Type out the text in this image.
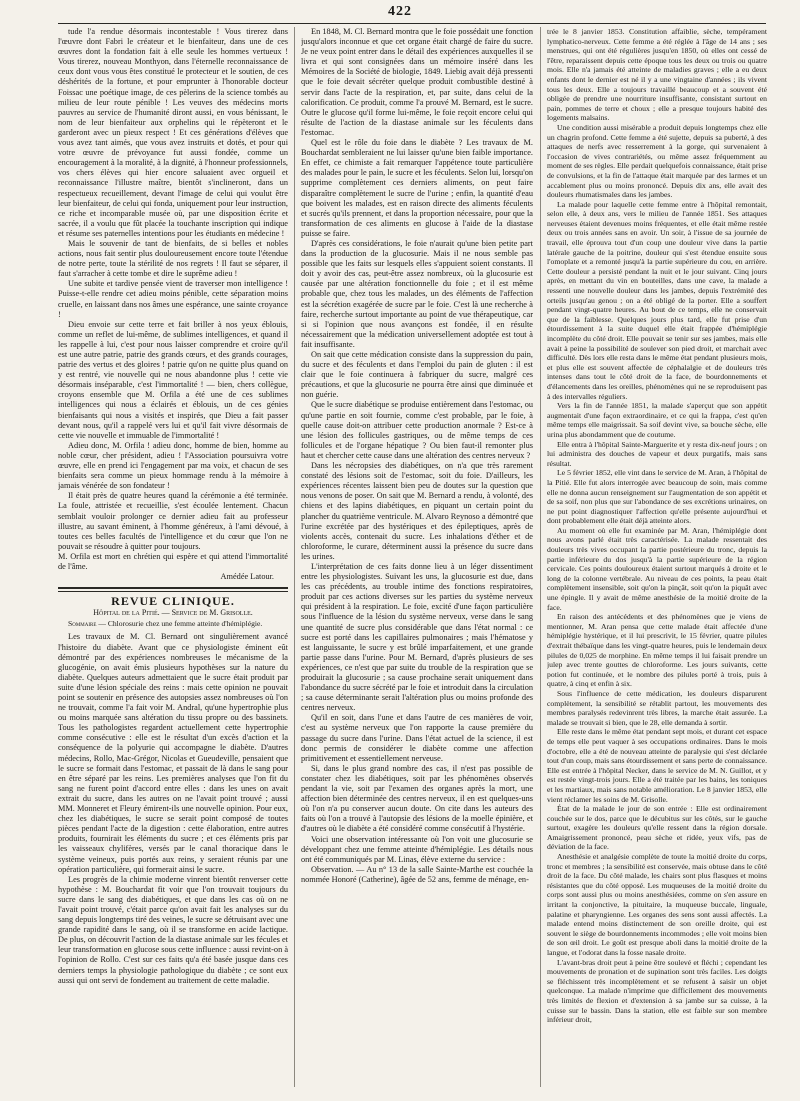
422

tude l'a rendue désormais incontestable ! Vous tirerez dans l'œuvre dont Fabri le créateur et le bienfaiteur, dans une de ces œuvres dont la fondation fait à elle seule les hommes vertueux ! Vous tirerez, nouveau Monthyon, dans l'éternelle reconnaissance de ceux dont vous vous êtes constitué le protecteur et le soutien, de ces déshérités de la fortune, et pour emprunter à l'honorable docteur Foissac une poétique image, de ces pèlerins de la science tombés au milieu de leur route pénible ! Les veuves des médecins morts pauvres au service de l'humanité diront aussi, en vous bénissant, le nom de leur bienfaiteur aux orphelins qui le répèteront et le garderont avec un pieux respect ! Et ces générations d'élèves que vous avez tant aimés, que vous avez instruits et dotés, et pour qui votre œuvre de prévoyance fut aussi fondée, comme un encouragement à la moralité, à la dignité, à l'honneur professionnels, vos chers élèves qui hier encore saluaient avec orgueil et reconnaissance l'illustre maître, bientôt s'inclineront, dans un respectueux recueillement, devant l'image de celui qui voulut être leur bienfaiteur, de celui qui fonda, uniquement pour leur instruction, ce riche et incomparable musée où, par une disposition écrite et sacrée, il a voulu que fût placée la touchante inscription qui indique et résume ses paternelles intentions pour les étudiants en médecine !

Mais le souvenir de tant de bienfaits, de si belles et nobles actions, nous fait sentir plus douloureusement encore toute l'étendue de notre perte, toute la stérilité de nos regrets ! Il faut se séparer, il faut s'arracher à cette tombe et dire le suprême adieu !

Une subite et tardive pensée vient de traverser mon intelligence ! Puisse-t-elle rendre cet adieu moins pénible, cette séparation moins cruelle, en laissant dans nos âmes une espérance, une sainte croyance !

Dieu envoie sur cette terre et fait briller à nos yeux éblouis, comme un reflet de lui-même, de sublimes intelligences, et quand il les rappelle à lui, c'est pour nous laisser comprendre et croire qu'il est une autre patrie, patrie des grands cœurs, et des grands courages, patrie des vertus et des gloires ! patrie qu'on ne quitte plus quand on y est rentré, vie nouvelle qui ne nous abandonne plus ! cette vie désormais inséparable, c'est l'immortalité ! — bien, chers collègue, croyons ensemble que M. Orfila a été une de ces sublimes intelligences qui nous a éclairés et éblouis, un de ces génies bienfaisants qui nous a visités et inspirés, que Dieu a fait passer devant nous, qu'il a rappelé vers lui et qu'il fait vivre désormais de cette vie nouvelle et immuable de l'immortalité !

Adieu donc, M. Orfila ! adieu donc, homme de bien, homme au noble cœur, cher président, adieu ! l'Association poursuivra votre œuvre, elle en prend ici l'engagement par ma voix, et chacun de ses bienfaits sera comme un pieux hommage rendu à la mémoire à jamais vénérée de son fondateur !

Il était près de quatre heures quand la cérémonie a été terminée. La foule, attristée et recueillie, s'est écoulée lentement. Chacun semblait vouloir prolonger ce dernier adieu fait au professeur illustre, au savant éminent, à l'homme généreux, à l'ami dévoué, à toutes ces belles facultés de l'intelligence et du cœur que l'on ne pouvait se résoudre à quitter pour toujours.

M. Orfila est mort en chrétien qui espère et qui attend l'immortalité de l'âme.

Amédée Latour.

REVUE CLINIQUE.
Hôpital de la Pitié. — Service de M. Grisolle.

Sommaire — Chlorosurie chez une femme atteinte d'hémiplégie.

Les travaux de M. Cl. Bernard ont singulièrement avancé l'histoire du diabète. Avant que ce physiologiste éminent eût démontré par des expériences nombreuses le mécanisme de la glucogénie, on avait émis plusieurs hypothèses sur la nature du diabète. Quelques auteurs admettaient que le sucre était produit par suite d'une lésion spéciale des reins : mais cette opinion ne pouvait point se soutenir en présence des autopsies assez nombreuses où l'on ne trouvait, comme l'a fait voir M. Andral, qu'une hypertrophie plus ou moins marquée sans altération du tissu propre ou des bassinets. Tous les pathologistes regardent actuellement cette hypertrophie comme consécutive : elle est le résultat d'un excès d'action et la conséquence de la polyurie qui accompagne le diabète. D'autres médecins, Rollo, Mac-Grégor, Nicolas et Gueudeville, pensaient que le sucre se formait dans l'estomac, et passait de là dans le sang pour en être séparé par les reins. Les premières analyses que l'on fit du sang ne furent point d'accord entre elles : dans les unes on avait extrait du sucre, dans les autres on ne l'avait point trouvé ; aussi MM. Monneret et Fleury émirent-ils une nouvelle opinion. Pour eux, chez les diabétiques, le sucre se serait point composé de toutes pièces pendant l'acte de la digestion : cette élaboration, entre autres produits, fournirait les éléments du sucre ; et ces éléments pris par les vaisseaux chylifères, versés par le canal thoracique dans le système veineux, puis portés aux reins, y seraient réunis par une opération particulière, qui formerait ainsi le sucre.

Les progrès de la chimie moderne vinrent bientôt renverser cette hypothèse : M. Bouchardat fit voir que l'on trouvait toujours du sucre dans le sang des diabétiques, et que dans les cas où on ne l'avait point trouvé, c'était parce qu'on avait fait les analyses sur du sang depuis longtemps tiré des veines, le sucre se détruisant avec une grande rapidité dans le sang, où il se transforme en acide lactique. De plus, on découvrit l'action de la diastase animale sur les fécules et leur transformation en glucose sous cette influence : aussi revint-on à l'opinion de Rollo. C'est sur ces faits qu'a été basée jusque dans ces derniers temps la physiologie pathologique du diabète ; ce sont eux aussi qui ont servi de fondement au traitement de cette maladie.

En 1848, M. Cl. Bernard montra que le foie possédait une fonction jusqu'alors inconnue et que cet organe était chargé de faire du sucre. Je ne veux point entrer dans le détail des expériences auxquelles il se livra et qui sont consignées dans un mémoire inséré dans les Mémoires de la Société de biologie, 1849. Liebig avait déjà pressenti que le foie devait sécréter quelque produit combustible destiné à servir dans l'acte de la respiration, et, par suite, dans celui de la calorification. Ce produit, comme l'a prouvé M. Bernard, est le sucre. Outre le glucose qu'il forme lui-même, le foie reçoit encore celui qui résulte de l'action de la diastase animale sur les féculents dans l'estomac.

Quel est le rôle du foie dans le diabète ? Les travaux de M. Bouchardat sembleraient ne lui laisser qu'une bien faible importance. En effet, ce chimiste a fait remarquer l'appétence toute particulière des malades pour le pain, le sucre et les féculents. Selon lui, lorsqu'on supprime complètement ces derniers aliments, on peut faire disparaître complètement le sucre de l'urine ; enfin, la quantité d'eau que boivent les malades, est en raison directe des aliments féculents et sucrés qu'ils prennent, et dans la proportion nécessaire, pour que la transformation de ces aliments en glucose à l'aide de la diastase puisse se faire.

D'après ces considérations, le foie n'aurait qu'une bien petite part dans la production de la glucosurie. Mais il ne nous semble pas possible que les faits sur lesquels elles s'appuient soient constants. Il doit y avoir des cas, peut-être assez nombreux, où la glucosurie est causée par une altération fonctionnelle du foie ; et il est même probable que, chez tous les malades, un des éléments de l'affection est la sécrétion exagérée de sucre par le foie. C'est là une recherche à faire, recherche surtout importante au point de vue thérapeutique, car si si l'opinion que nous avançons est fondée, il en résulte nécessairement que la médication universellement adoptée est tout à fait insuffisante.

On sait que cette médication consiste dans la suppression du pain, du sucre et des féculents et dans l'emploi du pain de gluten : il est clair que le foie continuera à fabriquer du sucre, malgré ces précautions, et que la glucosurie ne pourra être ainsi que diminuée et non guérie.

Que le sucre diabétique se produise entièrement dans l'estomac, ou qu'une partie en soit fournie, comme c'est probable, par le foie, à quelle cause doit-on attribuer cette production anormale ? Est-ce à une lésion des follicules gastriques, ou de même temps de ces follicules et de l'organe hépatique ? Ou bien faut-il remonter plus haut et chercher cette cause dans une altération des centres nerveux ?

Dans les nécropsies des diabétiques, on n'a que très rarement constaté des lésions soit de l'estomac, soit du foie. D'ailleurs, les expériences récentes laissent bien peu de doutes sur la question que nous venons de poser. On sait que M. Bernard a rendu, à volonté, des chiens et des lapins diabétiques, en piquant un certain point du plancher du quatrième ventricule. M. Alvaro Reynoso a démontré que l'urine excrétée par des hystériques et des épileptiques, après de violents accès, contenait du sucre. Les inhalations d'éther et de chloroforme, le curare, déterminent aussi la présence du sucre dans les urines.

L'interprétation de ces faits donne lieu à un léger dissentiment entre les physiologistes. Suivant les uns, la glucosurie est due, dans les cas précédents, au trouble intime des fonctions respiratoires, produit par ces actions diverses sur les parties du système nerveux qui président à la respiration. Le foie, excité d'une façon particulière sous l'influence de la lésion du système nerveux, verse dans le sang une quantité de sucre plus considérable que dans l'état normal : ce sucre est porté dans les capillaires pulmonaires ; mais l'hématose y est languissante, le sucre y est brûlé imparfaitement, et une grande partie passe dans l'urine. Pour M. Bernard, d'après plusieurs de ses expériences, ce n'est que par suite du trouble de la respiration que se produirait la glucosurie ; sa cause prochaine serait uniquement dans l'abondance du sucre sécrété par le foie et introduit dans la circulation ; sa cause déterminante serait l'altération plus ou moins profonde des centres nerveux.

Qu'il en soit, dans l'une et dans l'autre de ces manières de voir, c'est au système nerveux que l'on rapporte la cause première du passage du sucre dans l'urine. Dans l'état actuel de la science, il est donc permis de considérer le diabète comme une affection primitivement et essentiellement nerveuse.

Si, dans le plus grand nombre des cas, il n'est pas possible de constater chez les diabétiques, soit par les phénomènes observés pendant la vie, soit par l'examen des organes après la mort, une affection bien déterminée des centres nerveux, il en est quelques-uns où l'on n'a pu conserver aucun doute. On cite dans les auteurs des faits où l'on a trouvé à l'autopsie des lésions de la moelle épinière, et d'autres où le diabète a été considéré comme consécutif à l'hystérie.

Voici une observation intéressante où l'on voit une glucosurie se développant chez une femme atteinte d'hémiplégie. Les détails nous ont été communiqués par M. Linas, élève externe du service :

Observation. — Au n° 13 de la salle Sainte-Marthe est couchée la nommée Honoré (Catherine), âgée de 52 ans, femme de ménage, en-

trée le 8 janvier 1853. Constitution affaiblie, sèche, tempérament lymphatico-nerveux. Cette femme a été réglée à l'âge de 14 ans ; ses menstrues, qui ont été régulières jusqu'en 1850, où elles ont cessé de l'être, reparaissent depuis cette époque tous les deux ou trois ou quatre mois. Elle n'a jamais été atteinte de maladies graves ; elle a eu deux enfants dont le dernier est né il y a une vingtaine d'années ; ils vivent tous les deux. Elle a toujours travaillé beaucoup et a souvent été obligée de prendre une nourriture insuffisante, consistant surtout en pain, pommes de terre et choux ; elle a presque toujours habité des logements malsains.

Une condition aussi misérable a produit depuis longtemps chez elle un chagrin profond. Cette femme a été sujette, depuis sa puberté, à des attaques de nerfs avec resserrement à la gorge, qui survenaient à l'occasion de vives contrariétés, ou même assez fréquemment au moment de ses règles. Elle perdait quelquefois connaissance, était prise de convulsions, et la fin de l'attaque était marquée par des larmes et un accablement plus ou moins prononcé. Depuis dix ans, elle avait des douleurs rhumatismales dans les jambes.

La malade pour laquelle cette femme entre à l'hôpital remontait, selon elle, à deux ans, vers le milieu de l'année 1851. Ses attaques nerveuses étaient devenues moins fréquentes, et elle était même restée deux ou trois années sans en avoir. Un soir, à l'issue de sa journée de travail, elle éprouva tout d'un coup une douleur vive dans la partie latérale gauche de la poitrine, douleur qui s'est étendue ensuite sous l'omoplate et a remonté jusqu'à la partie supérieure du cou, en arrière. Cette douleur a persisté pendant la nuit et le jour suivant. Cinq jours après, en mettant du vin en bouteilles, dans une cave, la malade a ressenti une nouvelle douleur dans les jambes, depuis l'extrémité des orteils jusqu'au genou ; on a été obligé de la porter. Elle a souffert pendant vingt-quatre heures. Au bout de ce temps, elle ne conservait que de la faiblesse. Quelques jours plus tard, elle fut prise d'un étourdissement à la suite duquel elle était frappée d'hémiplégie incomplète du côté droit. Elle pouvait se tenir sur ses jambes, mais elle avait à peine la possibilité de soulever son pied droit, et marchait avec difficulté. Dès lors elle resta dans le même état pendant plusieurs mois, et plus elle est souvent affectée de céphalalgie et de douleurs très intenses dans tout le côté droit de la face, de bourdonnements et d'élancements dans les oreilles, phénomènes qui ne se reproduisent pas à des intervalles réguliers.

Vers la fin de l'année 1851, la malade s'aperçut que son appétit augmentait d'une façon extraordinaire, et ce qui la frappa, c'est qu'en même temps elle maigrissait. Sa soif devint vive, sa bouche sèche, elle urina plus abondamment que de coutume.

Elle entra à l'hôpital Sainte-Marguerite et y resta dix-neuf jours ; on lui administra des douches de vapeur et deux purgatifs, mais sans résultat.

Le 5 février 1852, elle vint dans le service de M. Aran, à l'hôpital de la Pitié. Elle fut alors interrogée avec beaucoup de soin, mais comme elle ne donna aucun renseignement sur l'augmentation de son appétit et de sa soif, non plus que sur l'abondance de ses excrétions urinaires, on ne put point diagnostiquer l'affection qu'elle présente aujourd'hui et dont probablement elle était déjà atteinte alors.

Au moment où elle fut examinée par M. Aran, l'hémiplégie dont nous avons parlé était très caractérisée. La malade ressentait des douleurs très vives occupant la partie postérieure du tronc, depuis la partie inférieure du dos jusqu'à la partie supérieure de la région cervicale. Ces points douloureux étaient surtout marqués à droite et le long de la colonne vertébrale. Au niveau de ces points, la peau était complètement insensible, soit qu'on la pinçât, soit qu'on la piquât avec une épingle. Il y avait de même anesthésie de la moitié droite de la face.

En raison des antécédents et des phénomènes que je viens de mentionner, M. Aran pensa que cette malade était affectée d'une hémiplégie hystérique, et il lui prescrivit, le 15 février, quatre pilules d'extrait thébaïque dans les vingt-quatre heures, puis le lendemain deux pilules de 0,025 de morphine. En même temps il lui faisait prendre un julep avec trente gouttes de chloroforme. Les jours suivants, cette potion fut continuée, et le nombre des pilules porté à trois, puis à quatre, à cinq et enfin à six.

Sous l'influence de cette médication, les douleurs disparurent complètement, la sensibilité se rétablit partout, les mouvements des membres paralysés redevinrent très libres, la marche était assurée. La malade se trouvait si bien, que le 28, elle demanda à sortir.

Elle reste dans le même état pendant sept mois, et durant cet espace de temps elle peut vaquer à ses occupations ordinaires. Dans le mois d'octobre, elle a été de nouveau atteinte de paralysie qui s'est déclarée tout d'un coup, mais sans étourdissement et sans perte de connaissance. Elle est entrée à l'hôpital Necker, dans le service de M. N. Guillot, et y est restée vingt-trois jours. Elle a été traitée par les bains, les toniques et les martiaux, mais sans notable amélioration. Le 8 janvier 1853, elle vient réclamer les soins de M. Grisolle.

État de la malade le jour de son entrée : Elle est ordinairement couchée sur le dos, parce que le décubitus sur les côtés, sur le gauche surtout, exagère les douleurs qu'elle ressent dans la région dorsale. Amaigrissement prononcé, peau sèche et ridée, yeux vifs, pas de déviation de la face.

Anesthésie et analgésie complète de toute la moitié droite du corps, tronc et membres ; la sensibilité est conservée, mais obtuse dans le côté droit de la face. Du côté malade, les chairs sont plus flasques et moins résistantes que du côté opposé. Les muqueuses de la moitié droite du corps sont aussi plus ou moins anesthésiées, comme on s'en assure en irritant la conjonctive, la pituitaire, la muqueuse buccale, linguale, palatine et pharyngienne. Les organes des sens sont aussi affectés. La malade entend moins distinctement de son oreille droite, qui est souvent le siège de bourdonnements incommodes ; elle voit moins bien de son œil droit. Le goût est presque aboli dans la moitié droite de la langue, et l'odorat dans la fosse nasale droite.

L'avant-bras droit peut à peine être soulevé et fléchi ; cependant les mouvements de pronation et de supination sont très faciles. Les doigts se fléchissent très incomplètement et se refusent à saisir un objet quelconque. La malade n'imprime que difficilement des mouvements très limités de flexion et d'extension à sa jambe sur sa cuisse, à la cuisse sur le bassin. Dans la station, elle est faible sur son membre inférieur droit,
